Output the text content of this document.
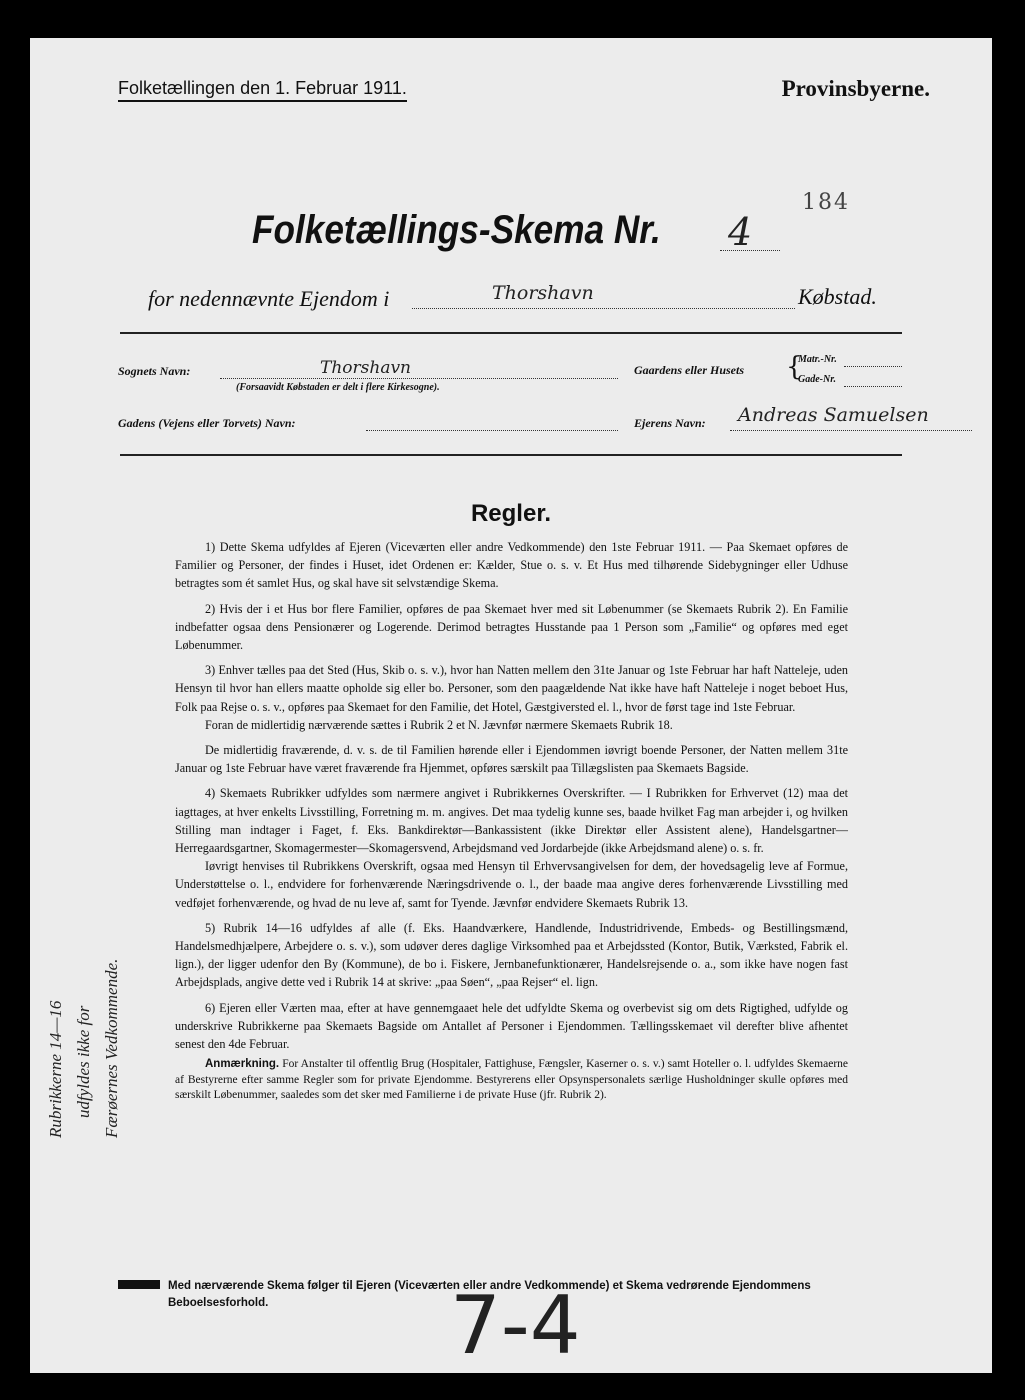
Folketællingen den 1. Februar 1911.	Provinsbyerne.
184
Folketællings-Skema Nr. 4
for nedennævnte Ejendom i	Thorshavn	Købstad.
Sognets Navn:	Thorshavn
(Forsaavidt Købstaden er delt i flere Kirkesogne).
Gaardens eller Husets {
Matr.-Nr.
Gade-Nr.
Gadens (Vejens eller Torvets) Navn:	Ejerens Navn: Andreas Samuelsen
Regler.

1) Dette Skema udfyldes af Ejeren (Viceværten eller andre Vedkommende) den 1ste Februar 1911. — Paa Skemaet opføres de Familier og Personer, der findes i Huset, idet Ordenen er: Kælder, Stue o. s. v. Et Hus med tilhørende Sidebygninger eller Udhuse betragtes som ét samlet Hus, og skal have sit selvstændige Skema.

2) Hvis der i et Hus bor flere Familier, opføres de paa Skemaet hver med sit Løbenummer (se Skemaets Rubrik 2). En Familie indbefatter ogsaa dens Pensionærer og Logerende. Derimod betragtes Husstande paa 1 Person som „Familie“ og opføres med eget Løbenummer.

3) Enhver tælles paa det Sted (Hus, Skib o. s. v.), hvor han Natten mellem den 31te Januar og 1ste Februar har haft Natteleje, uden Hensyn til hvor han ellers maatte opholde sig eller bo. Personer, som den paagældende Nat ikke have haft Natteleje i noget beboet Hus, Folk paa Rejse o. s. v., opføres paa Skemaet for den Familie, det Hotel, Gæstgiversted el. l., hvor de først tage ind 1ste Februar.

Foran de midlertidig nærværende sættes i Rubrik 2 et N. Jævnfør nærmere Skemaets Rubrik 18.

De midlertidig fraværende, d. v. s. de til Familien hørende eller i Ejendommen iøvrigt boende Personer, der Natten mellem 31te Januar og 1ste Februar have været fraværende fra Hjemmet, opføres særskilt paa Tillægslisten paa Skemaets Bagside.

4) Skemaets Rubrikker udfyldes som nærmere angivet i Rubrikkernes Overskrifter. — I Rubrikken for Erhvervet (12) maa det iagttages, at hver enkelts Livsstilling, Forretning m. m. angives. Det maa tydelig kunne ses, baade hvilket Fag man arbejder i, og hvilken Stilling man indtager i Faget, f. Eks. Bankdirektør—Bankassistent (ikke Direktør eller Assistent alene), Handelsgartner—Herregaardsgartner, Skomagermester—Skomagersvend, Arbejdsmand ved Jordarbejde (ikke Arbejdsmand alene) o. s. fr.

Iøvrigt henvises til Rubrikkens Overskrift, ogsaa med Hensyn til Erhvervsangivelsen for dem, der hovedsagelig leve af Formue, Understøttelse o. l., endvidere for forhenværende Næringsdrivende o. l., der baade maa angive deres forhenværende Livsstilling med vedføjet forhenværende, og hvad de nu leve af, samt for Tyende. Jævnfør endvidere Skemaets Rubrik 13.

5) Rubrik 14—16 udfyldes af alle (f. Eks. Haandværkere, Handlende, Industridrivende, Embeds- og Bestillingsmænd, Handelsmedhjælpere, Arbejdere o. s. v.), som udøver deres daglige Virksomhed paa et Arbejdssted (Kontor, Butik, Værksted, Fabrik el. lign.), der ligger udenfor den By (Kommune), de bo i. Fiskere, Jernbanefunktionærer, Handelsrejsende o. a., som ikke have nogen fast Arbejdsplads, angive dette ved i Rubrik 14 at skrive: „paa Søen“, „paa Rejser“ el. lign.

6) Ejeren eller Værten maa, efter at have gennemgaaet hele det udfyldte Skema og overbevist sig om dets Rigtighed, udfylde og underskrive Rubrikkerne paa Skemaets Bagside om Antallet af Personer i Ejendommen. Tællingsskemaet vil derefter blive afhentet senest den 4de Februar.

Anmærkning. For Anstalter til offentlig Brug (Hospitaler, Fattighuse, Fængsler, Kaserner o. s. v.) samt Hoteller o. l. udfyldes Skemaerne af Bestyrerne efter samme Regler som for private Ejendomme. Bestyrerens eller Opsynspersonalets særlige Husholdninger skulle opføres med særskilt Løbenummer, saaledes som det sker med Familierne i de private Huse (jfr. Rubrik 2).

Rubrikkerne 14—16 udfyldes ikke for Færøernes Vedkommende.
Med nærværende Skema følger til Ejeren (Viceværten eller andre Vedkommende) et Skema vedrørende Ejendommens Beboelsesforhold.	7-4
